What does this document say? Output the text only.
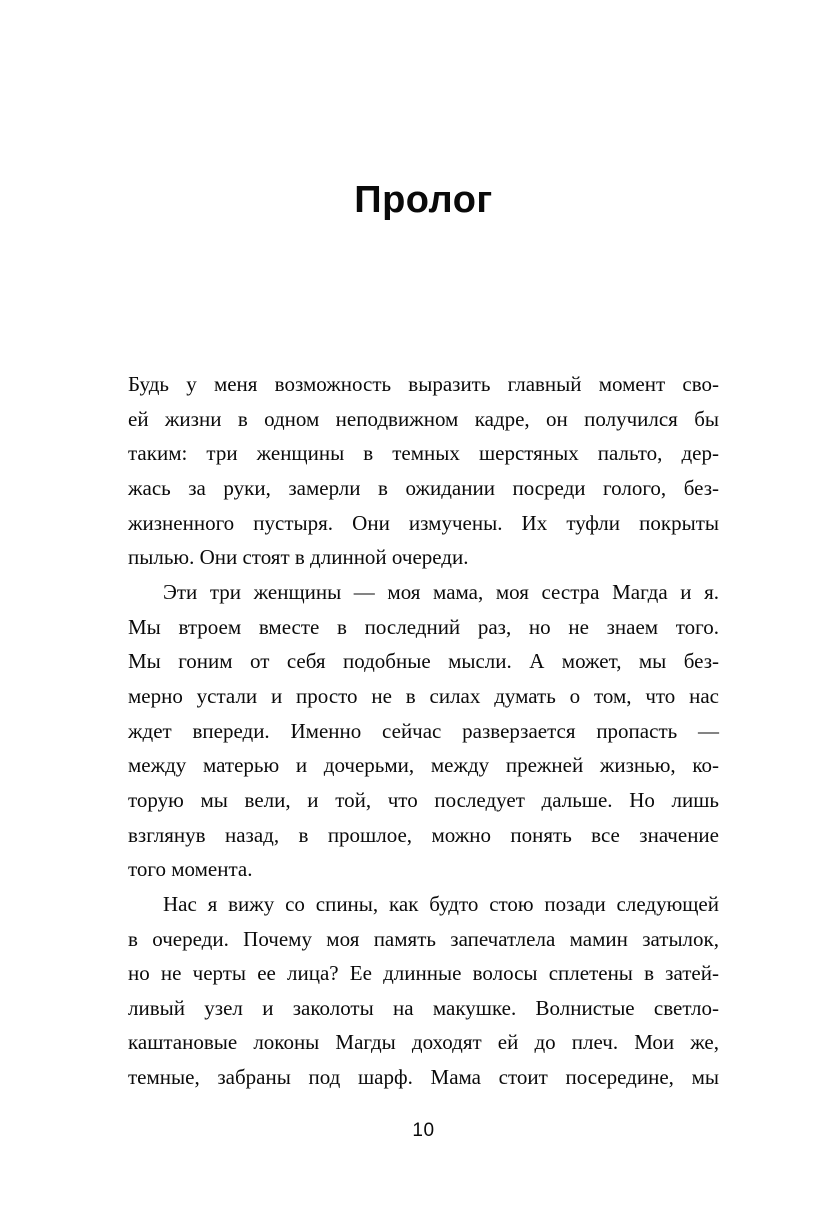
Пролог
Будь у меня возможность выразить главный момент сво-
ей жизни в одном неподвижном кадре, он получился бы
таким: три женщины в темных шерстяных пальто, дер-
жась за руки, замерли в ожидании посреди голого, без-
жизненного пустыря. Они измучены. Их туфли покрыты
пылью. Они стоят в длинной очереди.
Эти три женщины — моя мама, моя сестра Магда и я.
Мы втроем вместе в последний раз, но не знаем того.
Мы гоним от себя подобные мысли. А может, мы без-
мерно устали и просто не в силах думать о том, что нас
ждет впереди. Именно сейчас разверзается пропасть —
между матерью и дочерьми, между прежней жизнью, ко-
торую мы вели, и той, что последует дальше. Но лишь
взглянув назад, в прошлое, можно понять все значение
того момента.
Нас я вижу со спины, как будто стою позади следующей
в очереди. Почему моя память запечатлела мамин затылок,
но не черты ее лица? Ее длинные волосы сплетены в затей-
ливый узел и заколоты на макушке. Волнистые светло-
каштановые локоны Магды доходят ей до плеч. Мои же,
темные, забраны под шарф. Мама стоит посередине, мы
10
